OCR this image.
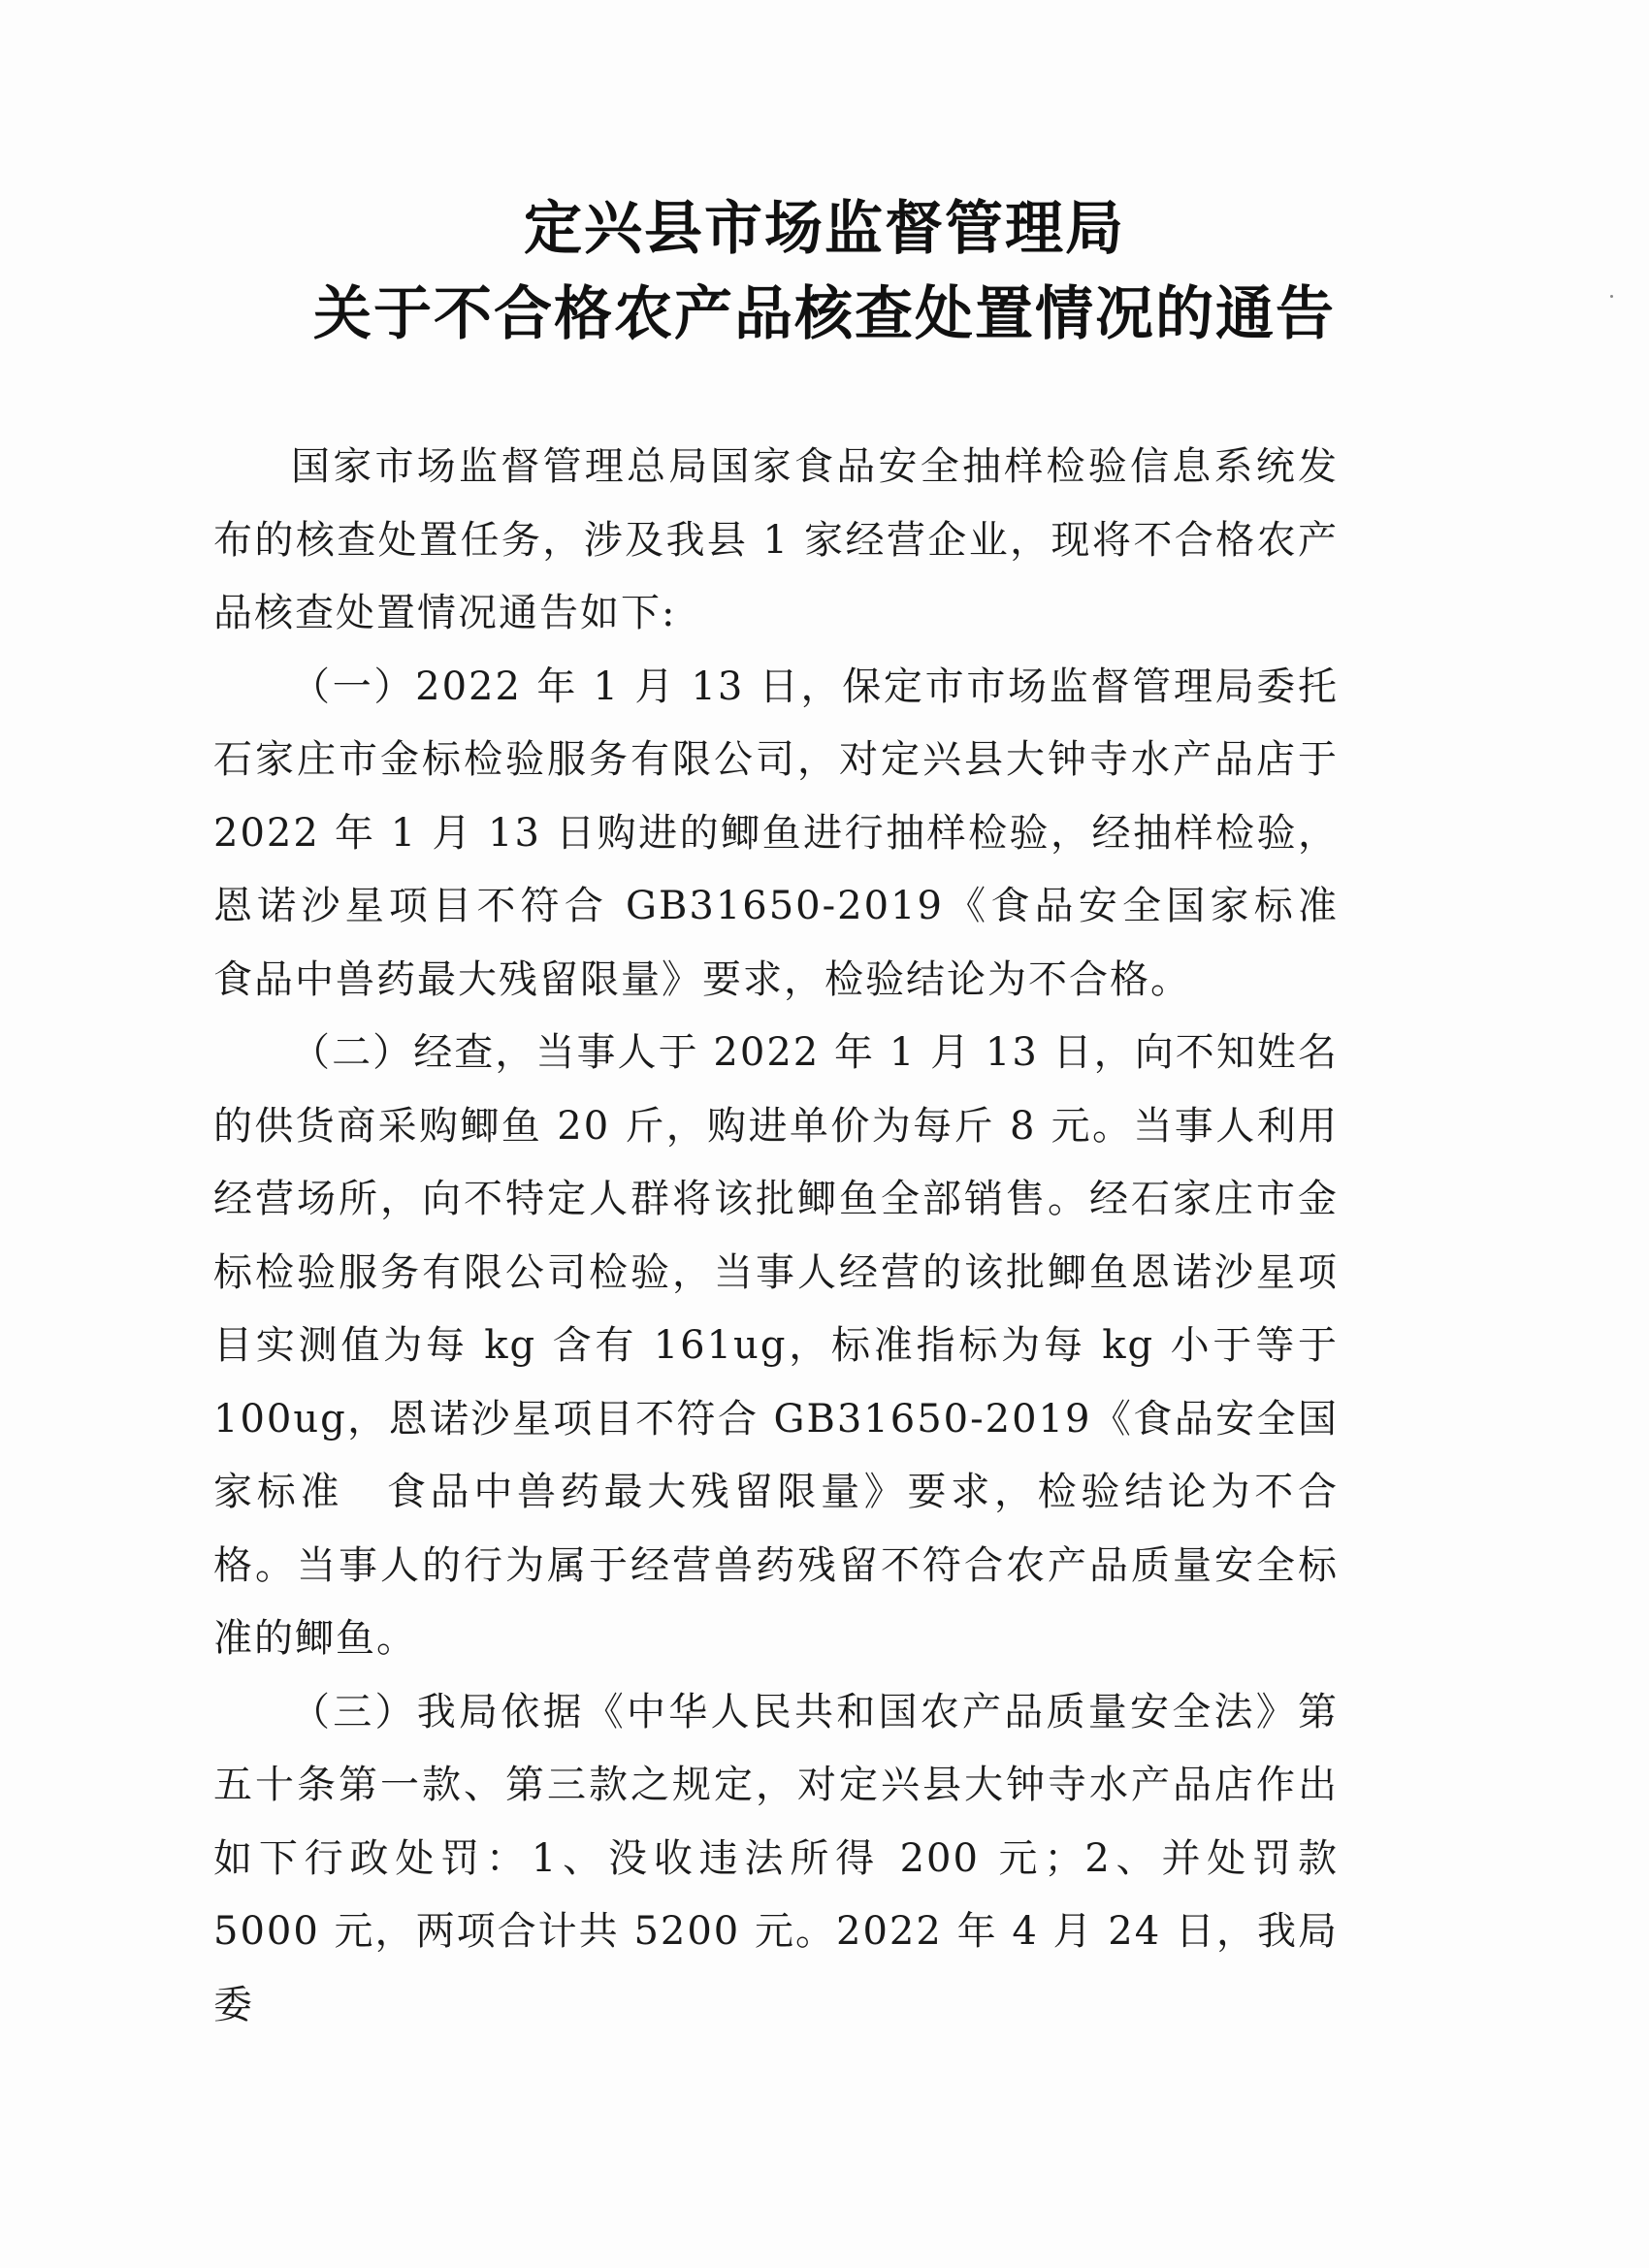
定兴县市场监督管理局
关于不合格农产品核查处置情况的通告

国家市场监督管理总局国家食品安全抽样检验信息系统发布的核查处置任务，涉及我县 1 家经营企业，现将不合格农产品核查处置情况通告如下:

（一）2022 年 1 月 13 日，保定市市场监督管理局委托石家庄市金标检验服务有限公司，对定兴县大钟寺水产品店于 2022 年 1 月 13 日购进的鲫鱼进行抽样检验，经抽样检验，恩诺沙星项目不符合 GB31650-2019《食品安全国家标准　食品中兽药最大残留限量》要求，检验结论为不合格。

（二）经查，当事人于 2022 年 1 月 13 日，向不知姓名的供货商采购鲫鱼 20 斤，购进单价为每斤 8 元。当事人利用经营场所，向不特定人群将该批鲫鱼全部销售。经石家庄市金标检验服务有限公司检验，当事人经营的该批鲫鱼恩诺沙星项目实测值为每 kg 含有 161ug，标准指标为每 kg 小于等于 100ug，恩诺沙星项目不符合 GB31650-2019《食品安全国家标准　食品中兽药最大残留限量》要求，检验结论为不合格。当事人的行为属于经营兽药残留不符合农产品质量安全标准的鲫鱼。

（三）我局依据《中华人民共和国农产品质量安全法》第五十条第一款、第三款之规定，对定兴县大钟寺水产品店作出如下行政处罚：1、没收违法所得 200 元；2、并处罚款 5000 元，两项合计共 5200 元。2022 年 4 月 24 日，我局委
